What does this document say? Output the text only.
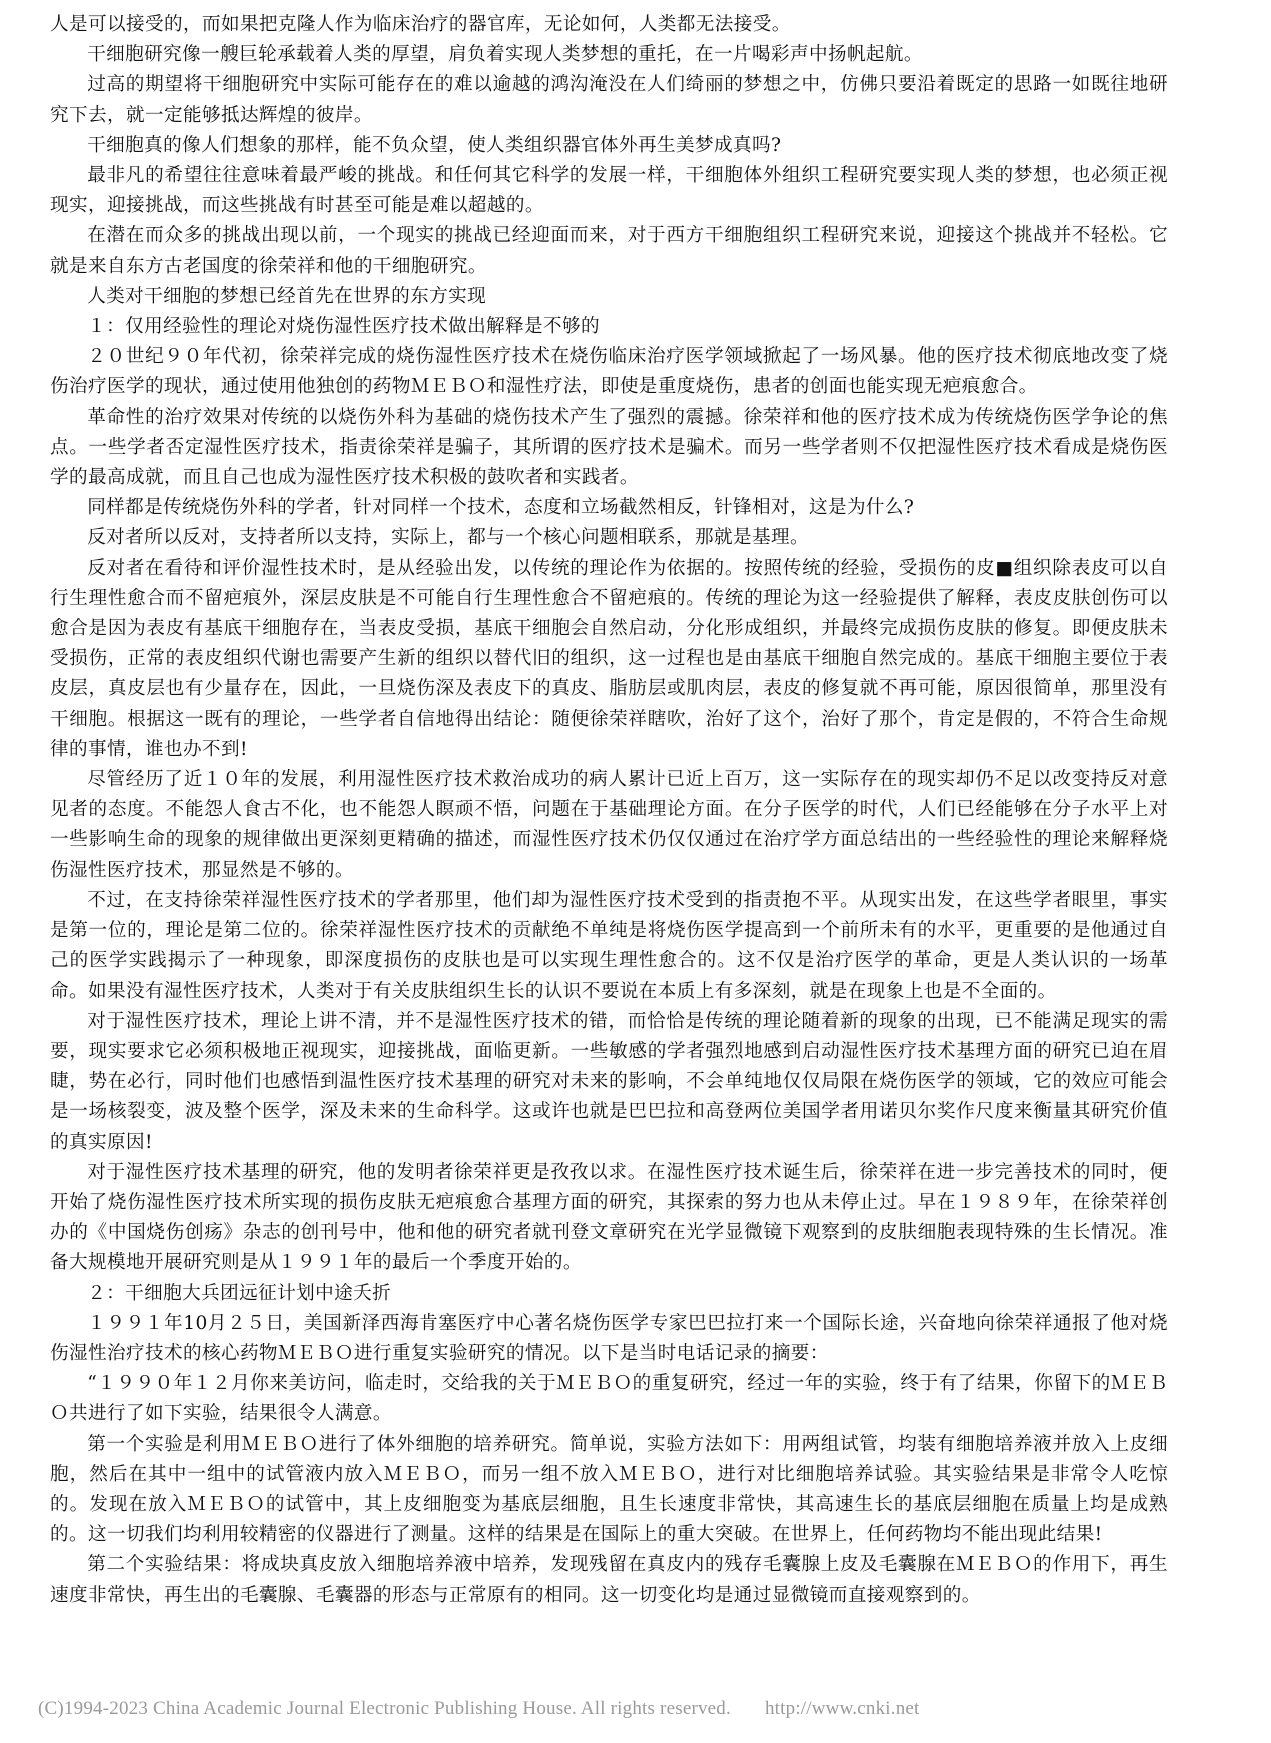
人是可以接受的，而如果把克隆人作为临床治疗的器官库，无论如何，人类都无法接受。

干细胞研究像一艘巨轮承载着人类的厚望，肩负着实现人类梦想的重托，在一片喝彩声中扬帆起航。

过高的期望将干细胞研究中实际可能存在的难以逾越的鸿沟淹没在人们绮丽的梦想之中，仿佛只要沿着既定的思路一如既往地研究下去，就一定能够抵达辉煌的彼岸。

干细胞真的像人们想象的那样，能不负众望，使人类组织器官体外再生美梦成真吗?

最非凡的希望往往意味着最严峻的挑战。和任何其它科学的发展一样，干细胞体外组织工程研究要实现人类的梦想，也必须正视现实，迎接挑战，而这些挑战有时甚至可能是难以超越的。

在潜在而众多的挑战出现以前，一个现实的挑战已经迎面而来，对于西方干细胞组织工程研究来说，迎接这个挑战并不轻松。它就是来自东方古老国度的徐荣祥和他的干细胞研究。

人类对干细胞的梦想已经首先在世界的东方实现

１：仅用经验性的理论对烧伤湿性医疗技术做出解释是不够的

２０世纪９０年代初，徐荣祥完成的烧伤湿性医疗技术在烧伤临床治疗医学领域掀起了一场风暴。他的医疗技术彻底地改变了烧伤治疗医学的现状，通过使用他独创的药物ＭＥＢＯ和湿性疗法，即使是重度烧伤，患者的创面也能实现无疤痕愈合。

革命性的治疗效果对传统的以烧伤外科为基础的烧伤技术产生了强烈的震撼。徐荣祥和他的医疗技术成为传统烧伤医学争论的焦点。一些学者否定湿性医疗技术，指责徐荣祥是骗子，其所谓的医疗技术是骗术。而另一些学者则不仅把湿性医疗技术看成是烧伤医学的最高成就，而且自己也成为湿性医疗技术积极的鼓吹者和实践者。

同样都是传统烧伤外科的学者，针对同样一个技术，态度和立场截然相反，针锋相对，这是为什么?

反对者所以反对，支持者所以支持，实际上，都与一个核心问题相联系，那就是基理。

反对者在看待和评价湿性技术时，是从经验出发，以传统的理论作为依据的。按照传统的经验，受损伤的皮■组织除表皮可以自行生理性愈合而不留疤痕外，深层皮肤是不可能自行生理性愈合不留疤痕的。传统的理论为这一经验提供了解释，表皮皮肤创伤可以愈合是因为表皮有基底干细胞存在，当表皮受损，基底干细胞会自然启动，分化形成组织，并最终完成损伤皮肤的修复。即便皮肤未受损伤，正常的表皮组织代谢也需要产生新的组织以替代旧的组织，这一过程也是由基底干细胞自然完成的。基底干细胞主要位于表皮层，真皮层也有少量存在，因此，一旦烧伤深及表皮下的真皮、脂肪层或肌肉层，表皮的修复就不再可能，原因很简单，那里没有干细胞。根据这一既有的理论，一些学者自信地得出结论：随便徐荣祥瞎吹，治好了这个，治好了那个，肯定是假的，不符合生命规律的事情，谁也办不到!

尽管经历了近１０年的发展，利用湿性医疗技术救治成功的病人累计已近上百万，这一实际存在的现实却仍不足以改变持反对意见者的态度。不能怨人食古不化，也不能怨人瞑顽不悟，问题在于基础理论方面。在分子医学的时代，人们已经能够在分子水平上对一些影响生命的现象的规律做出更深刻更精确的描述，而湿性医疗技术仍仅仅通过在治疗学方面总结出的一些经验性的理论来解释烧伤湿性医疗技术，那显然是不够的。

不过，在支持徐荣祥湿性医疗技术的学者那里，他们却为湿性医疗技术受到的指责抱不平。从现实出发，在这些学者眼里，事实是第一位的，理论是第二位的。徐荣祥湿性医疗技术的贡献绝不单纯是将烧伤医学提高到一个前所未有的水平，更重要的是他通过自己的医学实践揭示了一种现象，即深度损伤的皮肤也是可以实现生理性愈合的。这不仅是治疗医学的革命，更是人类认识的一场革命。如果没有湿性医疗技术，人类对于有关皮肤组织生长的认识不要说在本质上有多深刻，就是在现象上也是不全面的。

对于湿性医疗技术，理论上讲不清，并不是湿性医疗技术的错，而恰恰是传统的理论随着新的现象的出现，已不能满足现实的需要，现实要求它必须积极地正视现实，迎接挑战，面临更新。一些敏感的学者强烈地感到启动湿性医疗技术基理方面的研究已迫在眉睫，势在必行，同时他们也感悟到温性医疗技术基理的研究对未来的影响，不会单纯地仅仅局限在烧伤医学的领域，它的效应可能会是一场核裂变，波及整个医学，深及未来的生命科学。这或许也就是巴巴拉和高登两位美国学者用诺贝尔奖作尺度来衡量其研究价值的真实原因!

对于湿性医疗技术基理的研究，他的发明者徐荣祥更是孜孜以求。在湿性医疗技术诞生后，徐荣祥在进一步完善技术的同时，便开始了烧伤湿性医疗技术所实现的损伤皮肤无疤痕愈合基理方面的研究，其探索的努力也从未停止过。早在１９８９年，在徐荣祥创办的《中国烧伤创疡》杂志的创刊号中，他和他的研究者就刊登文章研究在光学显微镜下观察到的皮肤细胞表现特殊的生长情况。准备大规模地开展研究则是从１９９１年的最后一个季度开始的。

２：干细胞大兵团远征计划中途夭折

１９９１年10月２５日，美国新泽西海肯塞医疗中心著名烧伤医学专家巴巴拉打来一个国际长途，兴奋地向徐荣祥通报了他对烧伤湿性治疗技术的核心药物ＭＥＢＯ进行重复实验研究的情况。以下是当时电话记录的摘要：

“１９９０年１２月你来美访问，临走时，交给我的关于ＭＥＢＯ的重复研究，经过一年的实验，终于有了结果，你留下的ＭＥＢＯ共进行了如下实验，结果很令人满意。

第一个实验是利用ＭＥＢＯ进行了体外细胞的培养研究。简单说，实验方法如下：用两组试管，均装有细胞培养液并放入上皮细胞，然后在其中一组中的试管液内放入ＭＥＢＯ，而另一组不放入ＭＥＢＯ，进行对比细胞培养试验。其实验结果是非常令人吃惊的。发现在放入ＭＥＢＯ的试管中，其上皮细胞变为基底层细胞，且生长速度非常快，其高速生长的基底层细胞在质量上均是成熟的。这一切我们均利用较精密的仪器进行了测量。这样的结果是在国际上的重大突破。在世界上，任何药物均不能出现此结果!

第二个实验结果：将成块真皮放入细胞培养液中培养，发现残留在真皮内的残存毛囊腺上皮及毛囊腺在ＭＥＢＯ的作用下，再生速度非常快，再生出的毛囊腺、毛囊器的形态与正常原有的相同。这一切变化均是通过显微镜而直接观察到的。

(C)1994-2023 China Academic Journal Electronic Publishing House. All rights reserved. http://www.cnki.net
